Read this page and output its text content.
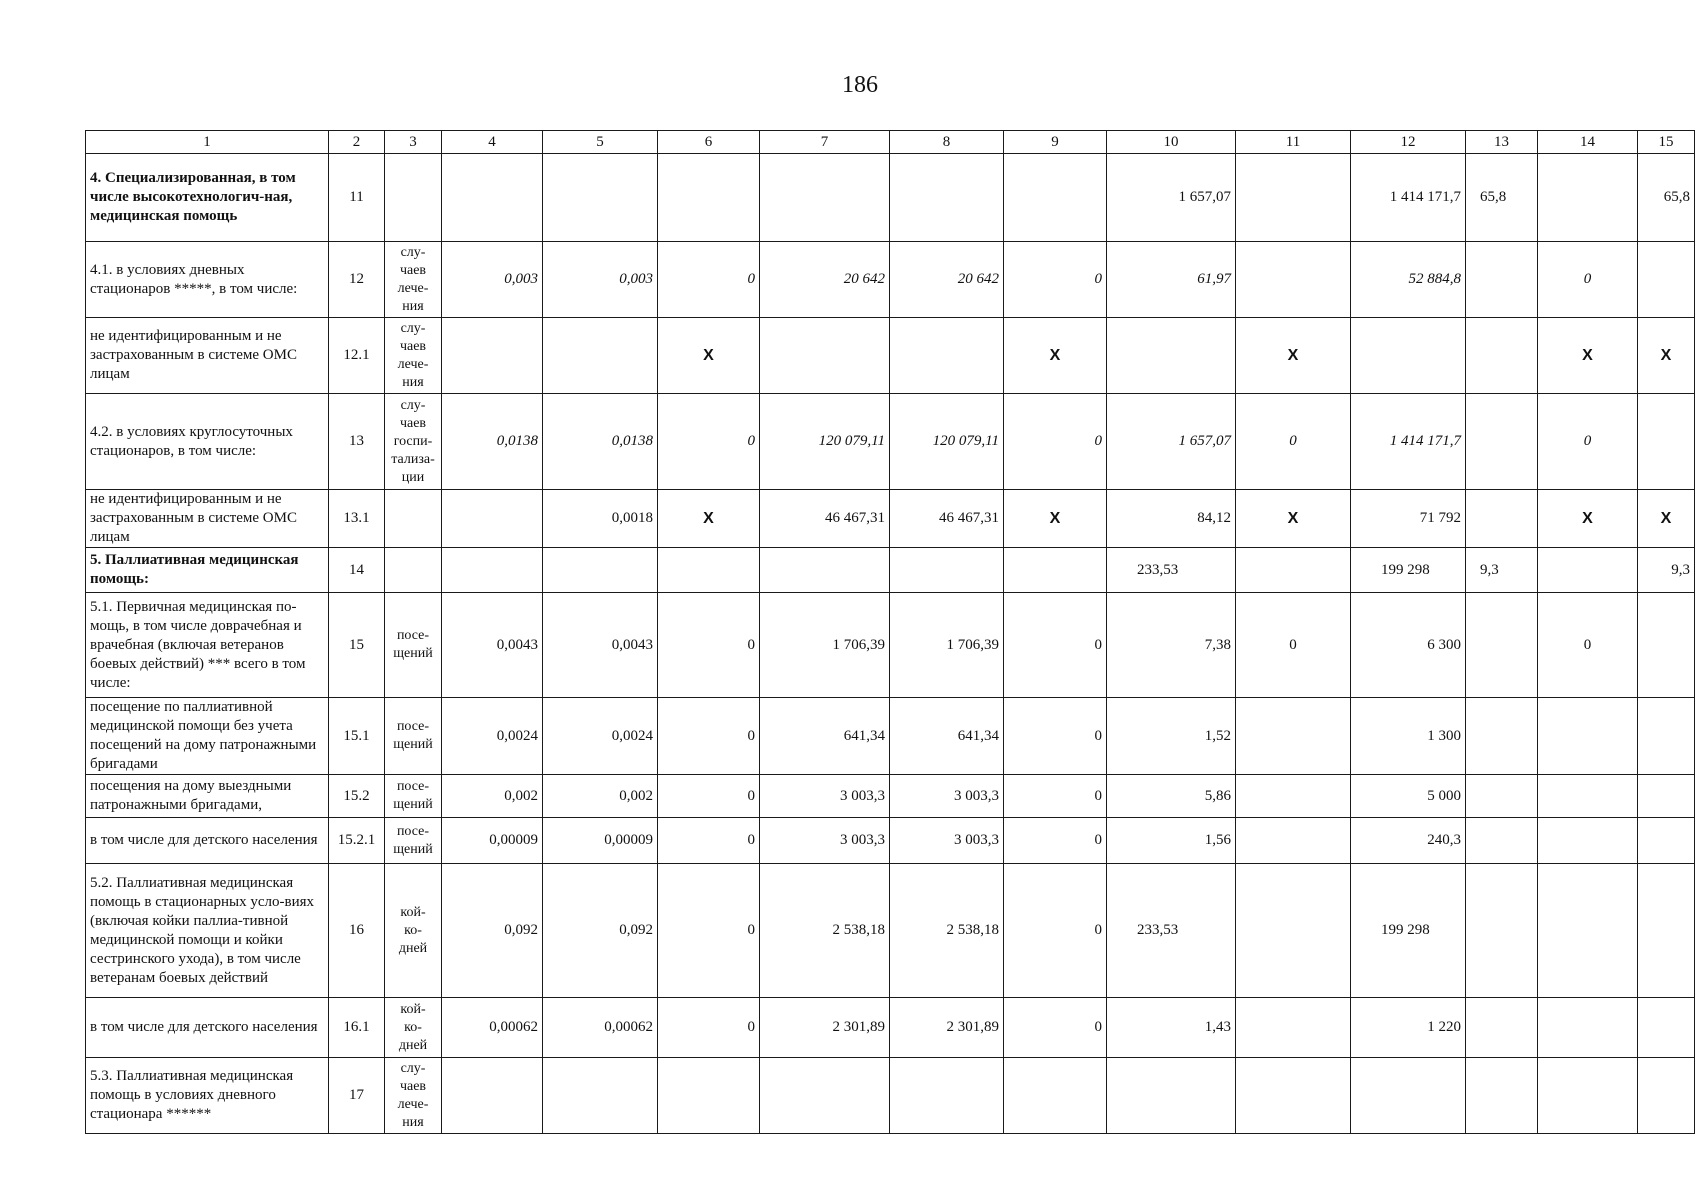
186
1	2	3	4	5	6	7	8	9	10	11	12	13	14	15
4. Специализированная, в том числе высокотехнологич-ная, медицинская помощь	11								1 657,07		1 414 171,7	65,8		65,8
4.1. в условиях дневных стационаров *****, в том числе:	12	слу-
чаев
лече-
ния	0,003	0,003	0	20 642	20 642	0	61,97		52 884,8		0	
не идентифицированным и не застрахованным в системе ОМС лицам	12.1	слу-
чаев
лече-
ния			X			X		X			X	X
4.2. в условиях круглосуточных стационаров, в том числе:	13	слу-
чаев
госпи-
тализа-
ции	0,0138	0,0138	0	120 079,11	120 079,11	0	1 657,07	0	1 414 171,7		0	
не идентифицированным и не застрахованным в системе ОМС лицам	13.1			0,0018	X	46 467,31	46 467,31	X	84,12	X	71 792		X	X
5. Паллиативная медицинская помощь:	14								233,53		199 298	9,3		9,3
5.1. Первичная медицинская по-мощь, в том числе доврачебная и врачебная (включая ветеранов боевых действий) *** всего в том числе:	15	посе-
щений	0,0043	0,0043	0	1 706,39	1 706,39	0	7,38	0	6 300		0	
посещение по паллиативной медицинской помощи без учета посещений на дому патронажными бригадами	15.1	посе-
щений	0,0024	0,0024	0	641,34	641,34	0	1,52		1 300			
посещения на дому выездными патронажными бригадами,	15.2	посе-
щений	0,002	0,002	0	3 003,3	3 003,3	0	5,86		5 000			
в том числе для детского населения	15.2.1	посе-
щений	0,00009	0,00009	0	3 003,3	3 003,3	0	1,56		240,3			
5.2. Паллиативная медицинская помощь в стационарных усло-виях (включая койки паллиа-тивной медицинской помощи и койки сестринского ухода), в том числе ветеранам боевых действий	16	кой-
ко-
дней	0,092	0,092	0	2 538,18	2 538,18	0	233,53		199 298			
в том числе для детского населения	16.1	кой-
ко-
дней	0,00062	0,00062	0	2 301,89	2 301,89	0	1,43		1 220			
5.3. Паллиативная медицинская помощь в условиях дневного стационара ******	17	слу-
чаев
лече-
ния												
